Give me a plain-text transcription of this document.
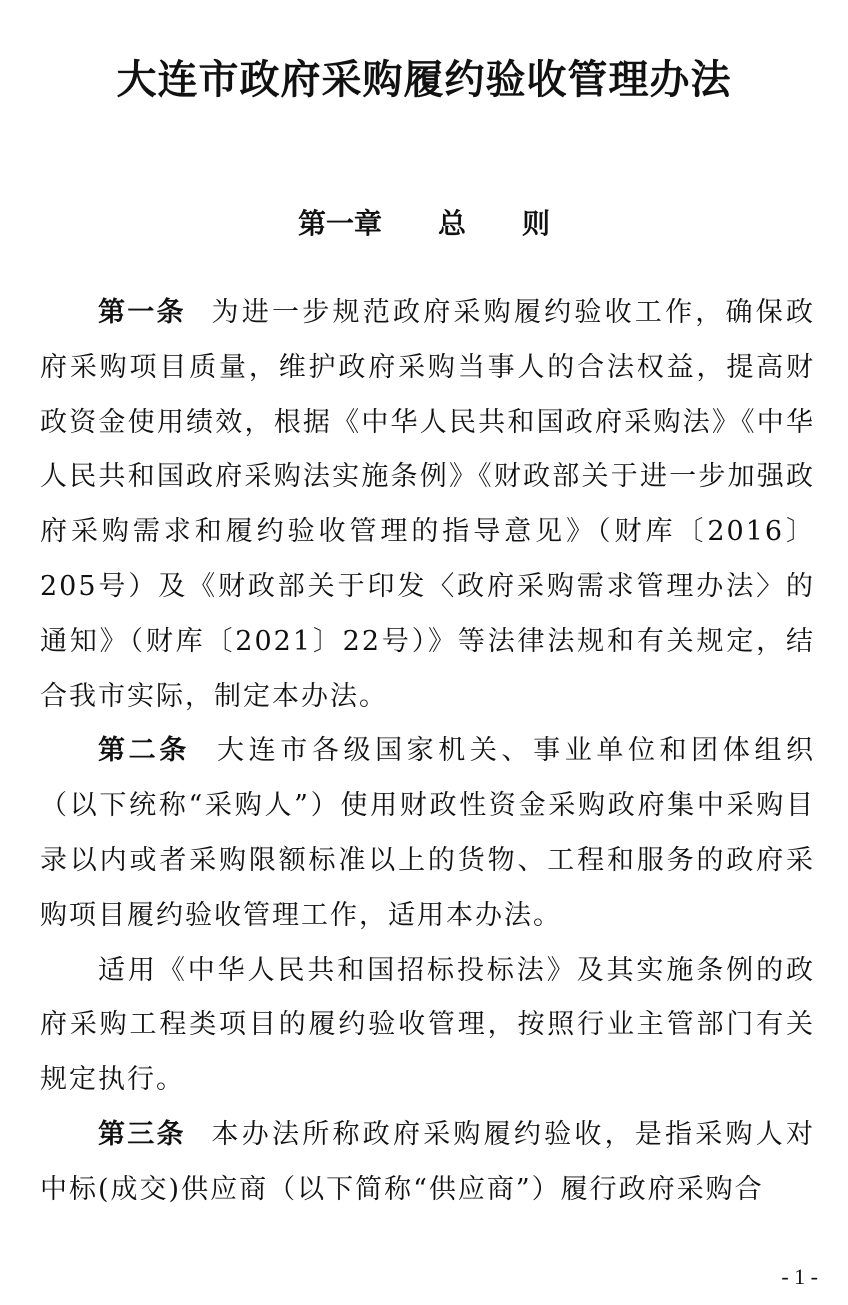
大连市政府采购履约验收管理办法
第一章　　总　　则

第一条 为进一步规范政府采购履约验收工作，确保政府采购项目质量，维护政府采购当事人的合法权益，提高财政资金使用绩效，根据《中华人民共和国政府采购法》《中华人民共和国政府采购法实施条例》《财政部关于进一步加强政府采购需求和履约验收管理的指导意见》（财库〔2016〕205号）及《财政部关于印发〈政府采购需求管理办法〉的通知》（财库〔2021〕22号）》等法律法规和有关规定，结合我市实际，制定本办法。

第二条 大连市各级国家机关、事业单位和团体组织（以下统称“采购人”）使用财政性资金采购政府集中采购目录以内或者采购限额标准以上的货物、工程和服务的政府采购项目履约验收管理工作，适用本办法。

适用《中华人民共和国招标投标法》及其实施条例的政府采购工程类项目的履约验收管理，按照行业主管部门有关规定执行。

第三条 本办法所称政府采购履约验收，是指采购人对中标(成交)供应商（以下简称“供应商”）履行政府采购合

- 1 -
